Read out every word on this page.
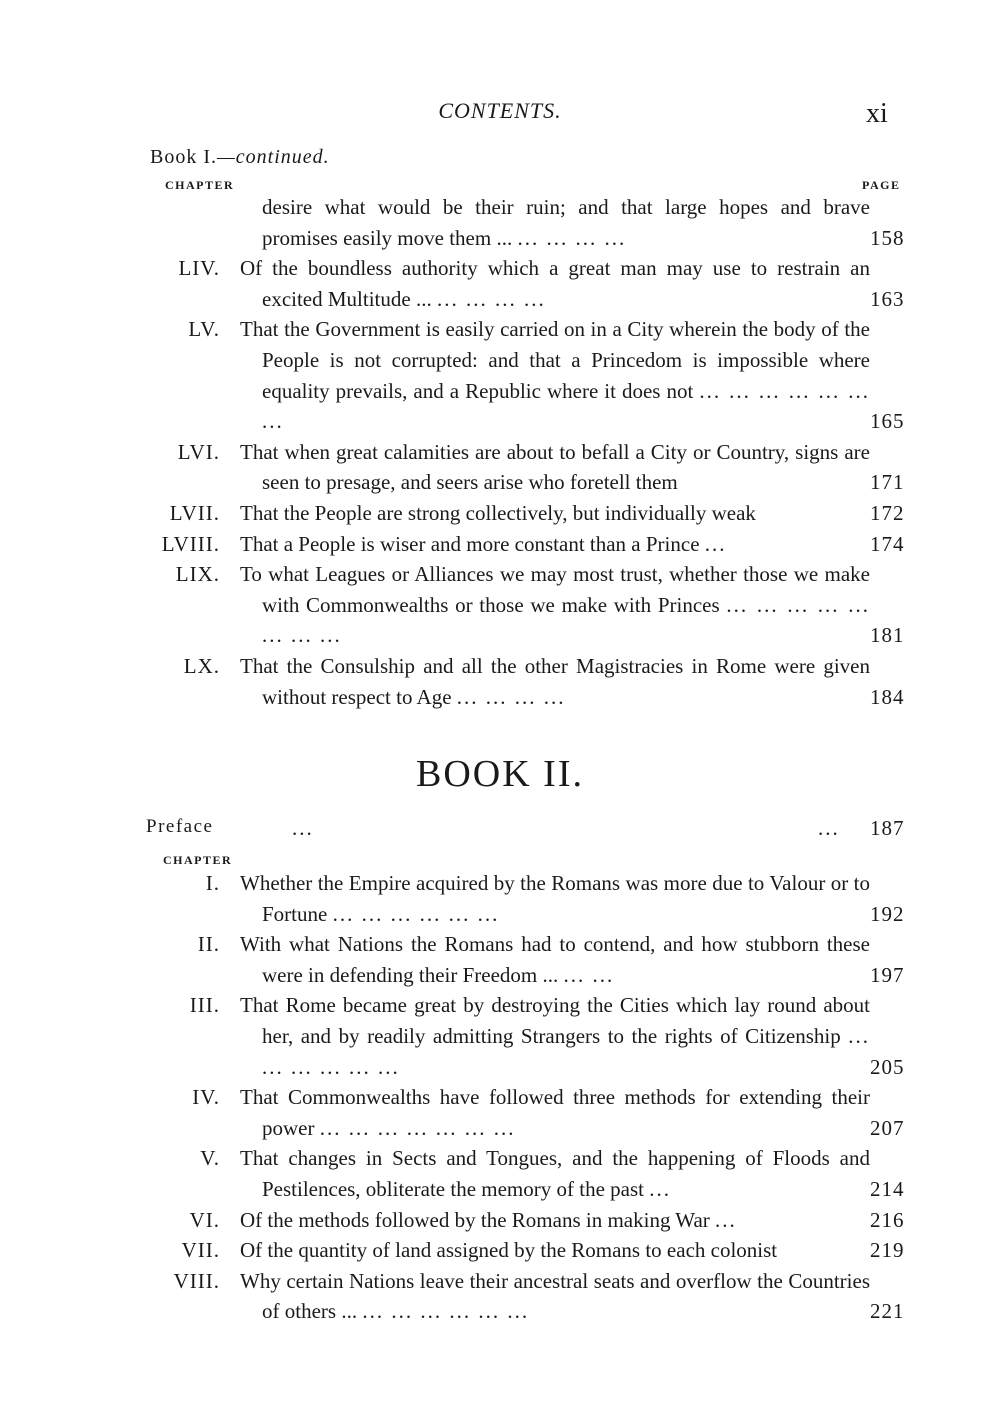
CONTENTS.	xi
Book I.—continued.
CHAPTER	PAGE
desire what would be their ruin; and that large hopes and brave promises easily move them ... ... ... ... ...	158
LIV. Of the boundless authority which a great man may use to restrain an excited Multitude ... ... ... ... ...	163
LV. That the Government is easily carried on in a City wherein the body of the People is not corrupted: and that a Princedom is impossible where equality prevails, and a Republic where it does not ... ... ... ... ... ... ...	165
LVI. That when great calamities are about to befall a City or Country, signs are seen to presage, and seers arise who foretell them	171
LVII. That the People are strong collectively, but individually weak	172
LVIII. That a People is wiser and more constant than a Prince ...	174
LIX. To what Leagues or Alliances we may most trust, whether those we make with Commonwealths or those we make with Princes ... ... ... ... ... ... ... ...	181
LX. That the Consulship and all the other Magistracies in Rome were given without respect to Age ... ... ... ...	184
BOOK II.
Preface	...	... 187
CHAPTER
I. Whether the Empire acquired by the Romans was more due to Valour or to Fortune ... ... ... ... ... ...	192
II. With what Nations the Romans had to contend, and how stubborn these were in defending their Freedom ... ... ...	197
III. That Rome became great by destroying the Cities which lay round about her, and by readily admitting Strangers to the rights of Citizenship ... ... ... ... ... ...	205
IV. That Commonwealths have followed three methods for extending their power ... ... ... ... ... ... ...	207
V. That changes in Sects and Tongues, and the happening of Floods and Pestilences, obliterate the memory of the past ...	214
VI. Of the methods followed by the Romans in making War ...	216
VII. Of the quantity of land assigned by the Romans to each colonist	219
VIII. Why certain Nations leave their ancestral seats and overflow the Countries of others ... ... ... ... ... ... ...	221
